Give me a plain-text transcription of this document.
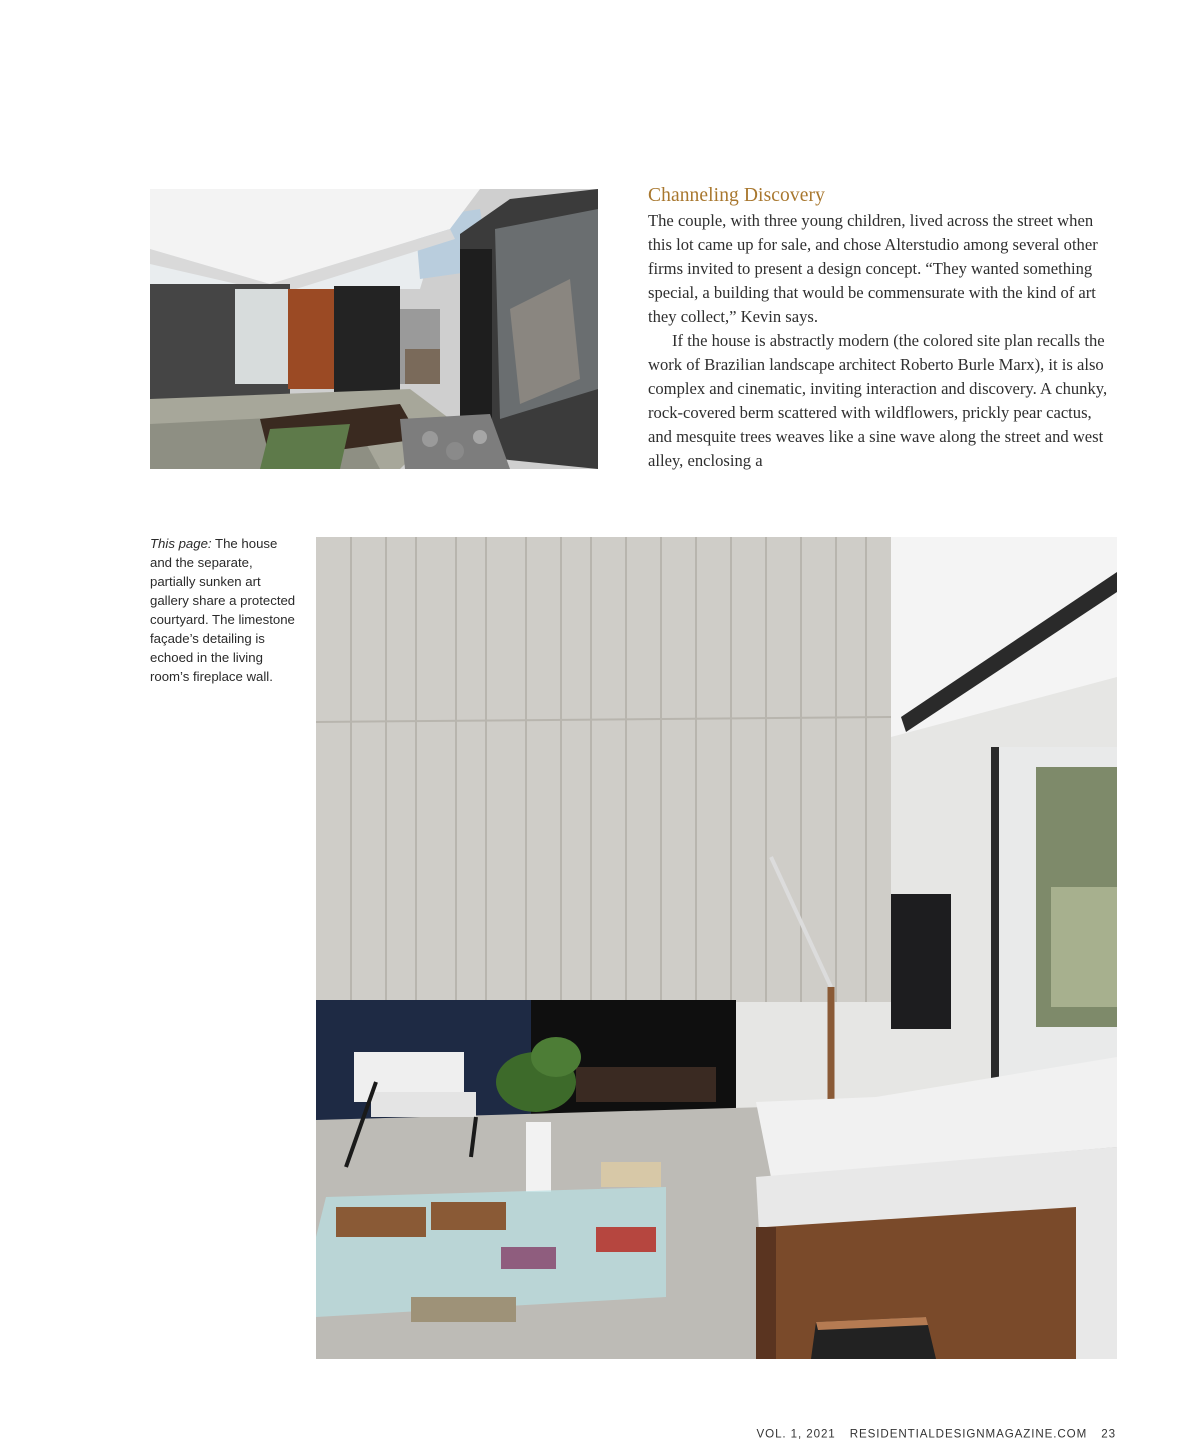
Channeling Discovery

The couple, with three young children, lived across the street when this lot came up for sale, and chose Alterstudio among several other firms invited to present a design concept. “They wanted something special, a building that would be commensurate with the kind of art they collect,” Kevin says.

If the house is abstractly modern (the colored site plan recalls the work of Brazilian landscape architect Roberto Burle Marx), it is also complex and cinematic, inviting interaction and discovery. A chunky, rock-covered berm scattered with wildflowers, prickly pear cactus, and mesquite trees weaves like a sine wave along the street and west alley, enclosing a

This page: The house and the separate, partially sunken art gallery share a protected courtyard. The limestone façade’s detailing is echoed in the living room’s fireplace wall.
VOL. 1, 2021 RESIDENTIALDESIGNMAGAZINE.COM 23
